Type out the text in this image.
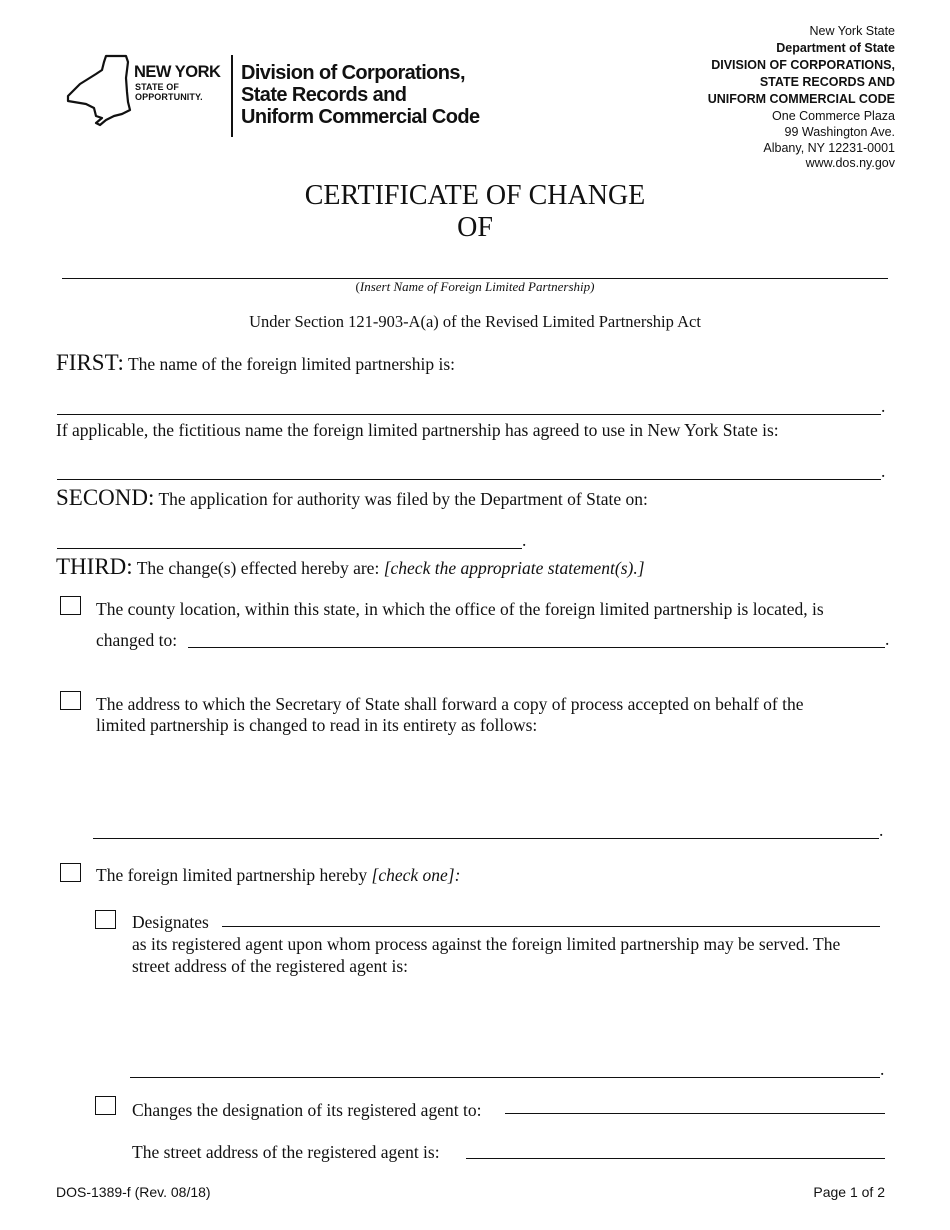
NEW YORK
STATE OF
OPPORTUNITY.
Division of Corporations,
State Records and
Uniform Commercial Code
New York State
Department of State
DIVISION OF CORPORATIONS,
STATE RECORDS AND
UNIFORM COMMERCIAL CODE
One Commerce Plaza
99 Washington Ave.
Albany, NY 12231-0001
www.dos.ny.gov
CERTIFICATE OF CHANGE
OF
(Insert Name of Foreign Limited Partnership)
Under Section 121-903-A(a) of the Revised Limited Partnership Act
FIRST: The name of the foreign limited partnership is:
.
If applicable, the fictitious name the foreign limited partnership has agreed to use in New York State is:
.
SECOND: The application for authority was filed by the Department of State on:
.
THIRD: The change(s) effected hereby are: [check the appropriate statement(s).]
The county location, within this state, in which the office of the foreign limited partnership is located, is
changed to:	.
The address to which the Secretary of State shall forward a copy of process accepted on behalf of the
limited partnership is changed to read in its entirety as follows:
.
The foreign limited partnership hereby [check one]:
Designates
as its registered agent upon whom process against the foreign limited partnership may be served. The
street address of the registered agent is:
.
Changes the designation of its registered agent to:
The street address of the registered agent is:
DOS-1389-f (Rev. 08/18)	Page 1 of 2
